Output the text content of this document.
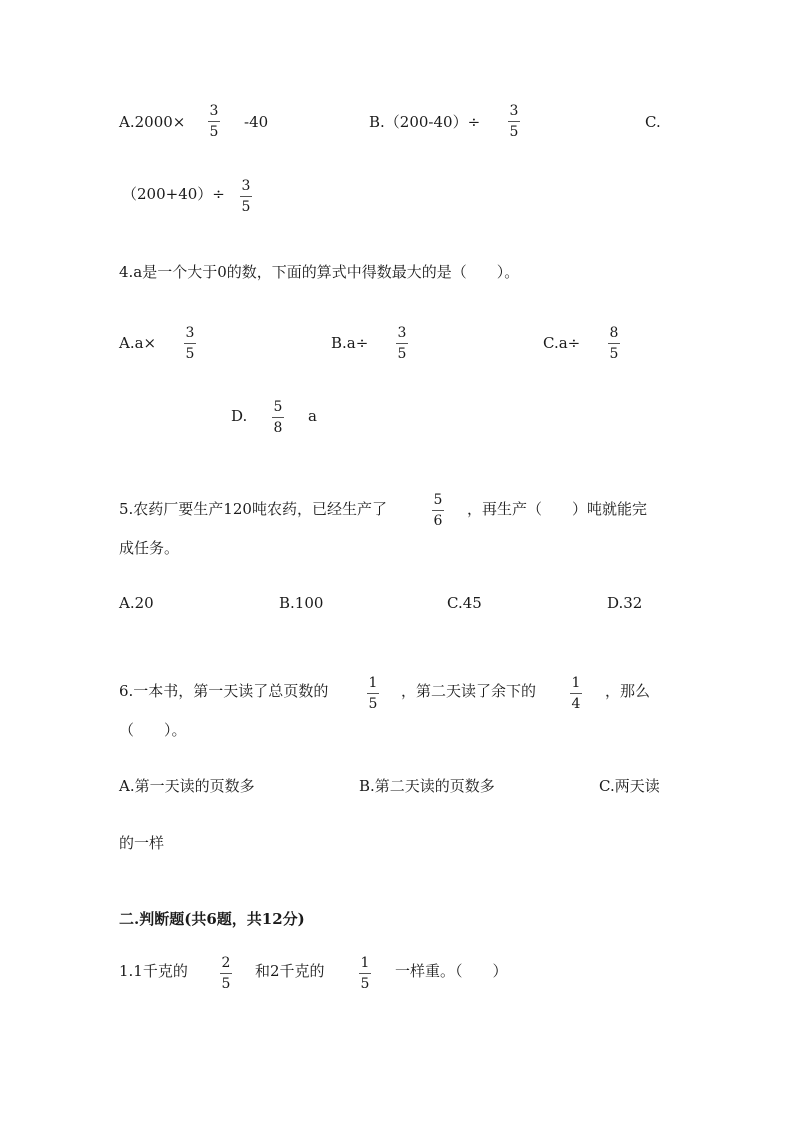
A.2000×
3
5
-40	B.（200-40）÷
3
5
C.
（200+40）÷ 3
5
4.a是一个大于0的数，下面的算式中得数最大的是（　　）。
A.a×
3
5
B.a÷
3
5
C.a÷
8
5
D. 5
8
a
5.农药厂要生产120吨农药，已经生产了	5
6
，再生产（　　）吨就能完
成任务。
A.20	B.100	C.45	D.32
6.一本书，第一天读了总页数的	1
5
，第二天读了余下的	1
4
，那么
（　　）。
A.第一天读的页数多	B.第二天读的页数多	C.两天读
的一样
二.判断题(共6题，共12分)
1.1千克的 2
5
和2千克的	1
5
一样重。（　　）
